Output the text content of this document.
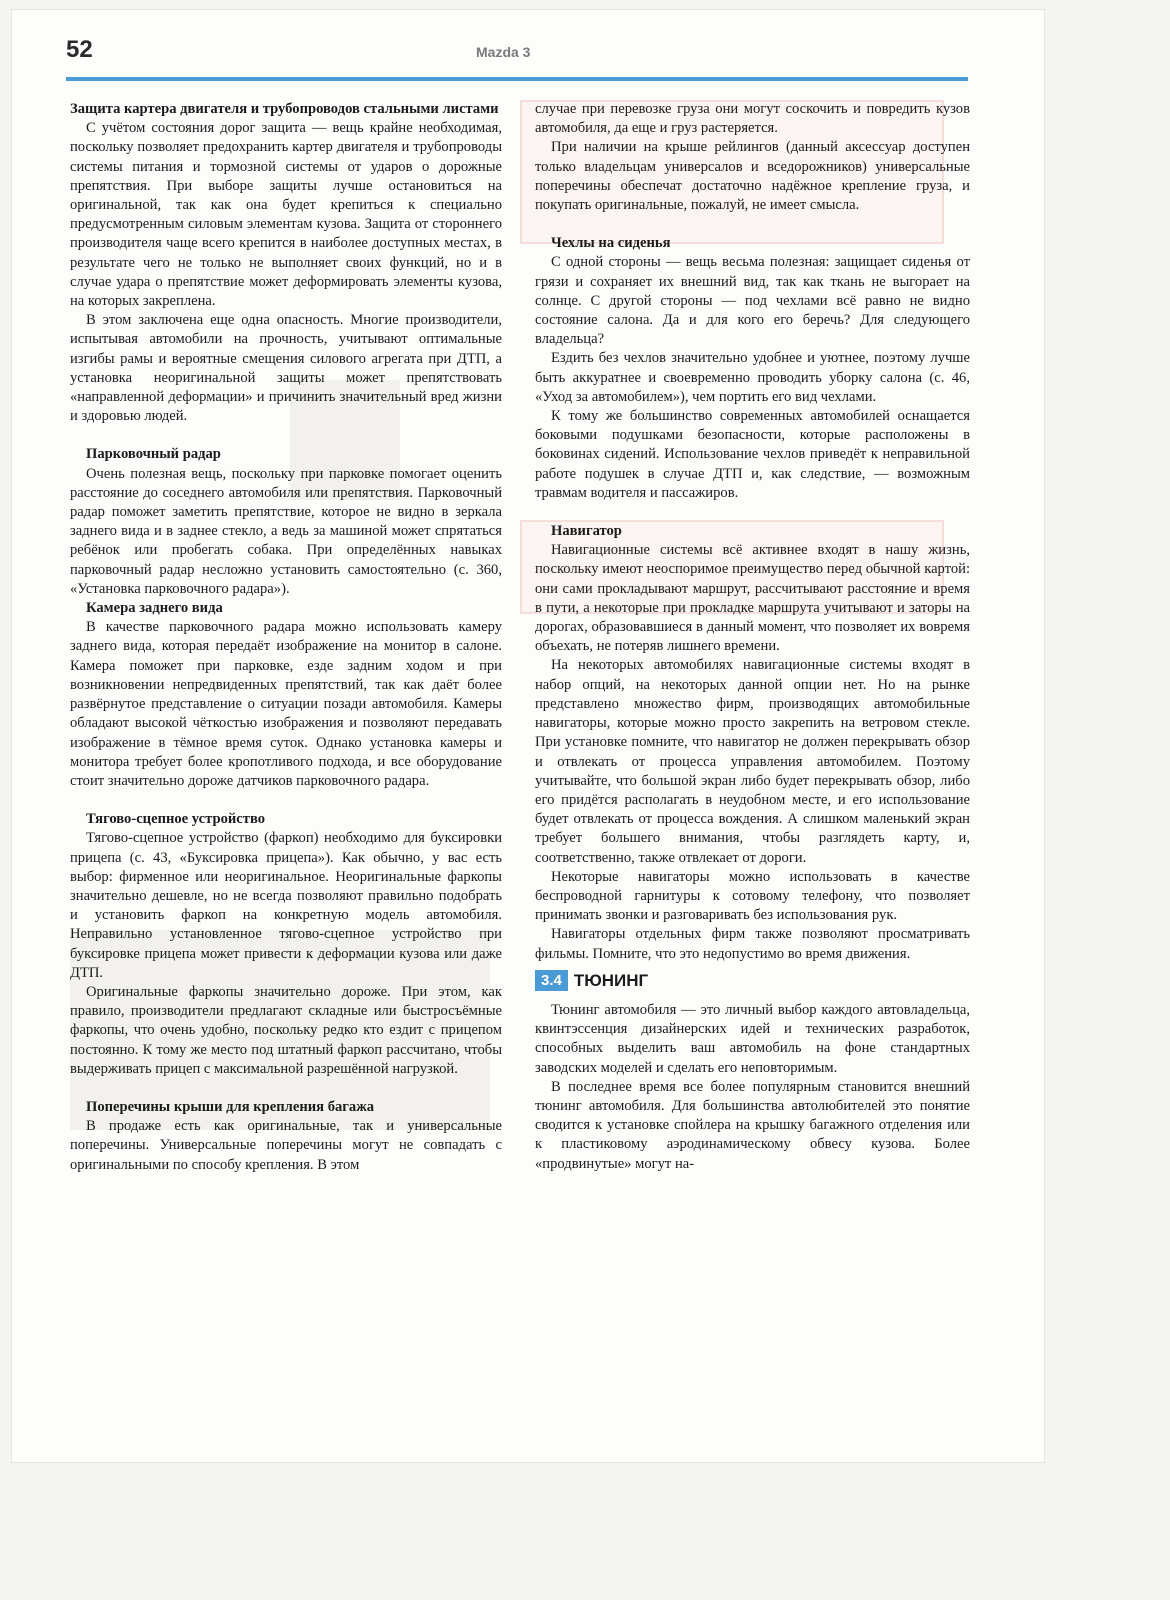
52	Mazda 3
Защита картера двигателя и трубопроводов стальными листами

С учётом состояния дорог защита — вещь крайне необходимая, поскольку позволяет предохранить картер двигателя и трубопроводы системы питания и тормозной системы от ударов о дорожные препятствия. При выборе защиты лучше остановиться на оригинальной, так как она будет крепиться к специально предусмотренным силовым элементам кузова. Защита от стороннего производителя чаще всего крепится в наиболее доступных местах, в результате чего не только не выполняет своих функций, но и в случае удара о препятствие может деформировать элементы кузова, на которых закреплена.

В этом заключена еще одна опасность. Многие производители, испытывая автомобили на прочность, учитывают оптимальные изгибы рамы и вероятные смещения силового агрегата при ДТП, а установка неоригинальной защиты может препятствовать «направленной деформации» и причинить значительный вред жизни и здоровью людей.

Парковочный радар

Очень полезная вещь, поскольку при парковке помогает оценить расстояние до соседнего автомобиля или препятствия. Парковочный радар поможет заметить препятствие, которое не видно в зеркала заднего вида и в заднее стекло, а ведь за машиной может спрятаться ребёнок или пробегать собака. При определённых навыках парковочный радар несложно установить самостоятельно (с. 360, «Установка парковочного радара»).

Камера заднего вида

В качестве парковочного радара можно использовать камеру заднего вида, которая передаёт изображение на монитор в салоне. Камера поможет при парковке, езде задним ходом и при возникновении непредвиденных препятствий, так как даёт более развёрнутое представление о ситуации позади автомобиля. Камеры обладают высокой чёткостью изображения и позволяют передавать изображение в тёмное время суток. Однако установка камеры и монитора требует более кропотливого подхода, и все оборудование стоит значительно дороже датчиков парковочного радара.

Тягово-сцепное устройство

Тягово-сцепное устройство (фаркоп) необходимо для буксировки прицепа (с. 43, «Буксировка прицепа»). Как обычно, у вас есть выбор: фирменное или неоригинальное. Неоригинальные фаркопы значительно дешевле, но не всегда позволяют правильно подобрать и установить фаркоп на конкретную модель автомобиля. Неправильно установленное тягово-сцепное устройство при буксировке прицепа может привести к деформации кузова или даже ДТП.

Оригинальные фаркопы значительно дороже. При этом, как правило, производители предлагают складные или быстросъёмные фаркопы, что очень удобно, поскольку редко кто ездит с прицепом постоянно. К тому же место под штатный фаркоп рассчитано, чтобы выдерживать прицеп с максимальной разрешённой нагрузкой.

Поперечины крыши для крепления багажа

В продаже есть как оригинальные, так и универсальные поперечины. Универсальные поперечины могут не совпадать с оригинальными по способу крепления. В этом

случае при перевозке груза они могут соскочить и повредить кузов автомобиля, да еще и груз растеряется.

При наличии на крыше рейлингов (данный аксессуар доступен только владельцам универсалов и вседорожников) универсальные поперечины обеспечат достаточно надёжное крепление груза, и покупать оригинальные, пожалуй, не имеет смысла.

Чехлы на сиденья

С одной стороны — вещь весьма полезная: защищает сиденья от грязи и сохраняет их внешний вид, так как ткань не выгорает на солнце. С другой стороны — под чехлами всё равно не видно состояние салона. Да и для кого его беречь? Для следующего владельца?

Ездить без чехлов значительно удобнее и уютнее, поэтому лучше быть аккуратнее и своевременно проводить уборку салона (с. 46, «Уход за автомобилем»), чем портить его вид чехлами.

К тому же большинство современных автомобилей оснащается боковыми подушками безопасности, которые расположены в боковинах сидений. Использование чехлов приведёт к неправильной работе подушек в случае ДТП и, как следствие, — возможным травмам водителя и пассажиров.

Навигатор

Навигационные системы всё активнее входят в нашу жизнь, поскольку имеют неоспоримое преимущество перед обычной картой: они сами прокладывают маршрут, рассчитывают расстояние и время в пути, а некоторые при прокладке маршрута учитывают и заторы на дорогах, образовавшиеся в данный момент, что позволяет их вовремя объехать, не потеряв лишнего времени.

На некоторых автомобилях навигационные системы входят в набор опций, на некоторых данной опции нет. Но на рынке представлено множество фирм, производящих автомобильные навигаторы, которые можно просто закрепить на ветровом стекле. При установке помните, что навигатор не должен перекрывать обзор и отвлекать от процесса управления автомобилем. Поэтому учитывайте, что большой экран либо будет перекрывать обзор, либо его придётся располагать в неудобном месте, и его использование будет отвлекать от процесса вождения. А слишком маленький экран требует большего внимания, чтобы разглядеть карту, и, соответственно, также отвлекает от дороги.

Некоторые навигаторы можно использовать в качестве беспроводной гарнитуры к сотовому телефону, что позволяет принимать звонки и разговаривать без использования рук.

Навигаторы отдельных фирм также позволяют просматривать фильмы. Помните, что это недопустимо во время движения.

3.4 ТЮНИНГ

Тюнинг автомобиля — это личный выбор каждого автовладельца, квинтэссенция дизайнерских идей и технических разработок, способных выделить ваш автомобиль на фоне стандартных заводских моделей и сделать его неповторимым.

В последнее время все более популярным становится внешний тюнинг автомобиля. Для большинства автолюбителей это понятие сводится к установке спойлера на крышку багажного отделения или к пластиковому аэродинамическому обвесу кузова. Более «продвинутые» могут на-
